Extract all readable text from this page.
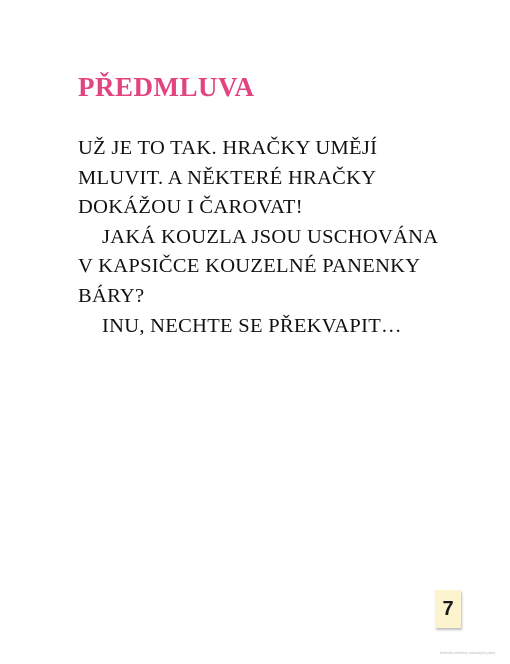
PŘEDMLUVA
UŽ JE TO TAK. HRAČKY UMĚJÍ
MLUVIT. A NĚKTERÉ HRAČKY
DOKÁŽOU I ČAROVAT!
JAKÁ KOUZLA JSOU USCHOVÁNA
V KAPSIČCE KOUZELNÉ PANENKY
BÁRY?
INU, NECHTE SE PŘEKVAPIT…
7
Materiál chráněný autorskými právy
